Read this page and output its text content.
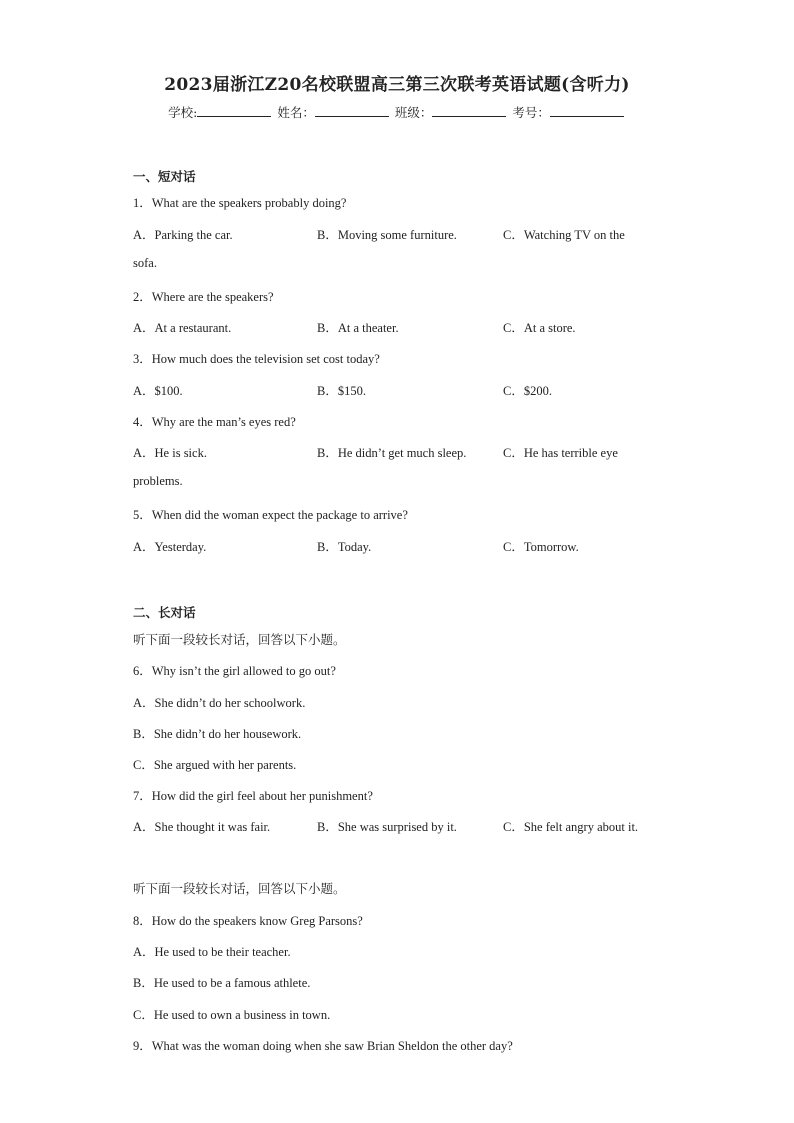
2023届浙江Z20名校联盟高三第三次联考英语试题(含听力)
学校:	姓名：	班级：	考号：
一、短对话
1．What are the speakers probably doing?
A．Parking the car.	B．Moving some furniture.	C．Watching TV on the
sofa.
2．Where are the speakers?
A．At a restaurant.	B．At a theater.	C．At a store.
3．How much does the television set cost today?
A．$100.	B．$150.	C．$200.
4．Why are the man’s eyes red?
A．He is sick.	B．He didn’t get much sleep.	C．He has terrible eye
problems.
5．When did the woman expect the package to arrive?
A．Yesterday.	B．Today.	C．Tomorrow.
二、长对话
听下面一段较长对话，回答以下小题。
6．Why isn’t the girl allowed to go out?
A．She didn’t do her schoolwork.
B．She didn’t do her housework.
C．She argued with her parents.
7．How did the girl feel about her punishment?
A．She thought it was fair.	B．She was surprised by it.	C．She felt angry about it.
听下面一段较长对话，回答以下小题。
8．How do the speakers know Greg Parsons?
A．He used to be their teacher.
B．He used to be a famous athlete.
C．He used to own a business in town.
9．What was the woman doing when she saw Brian Sheldon the other day?
